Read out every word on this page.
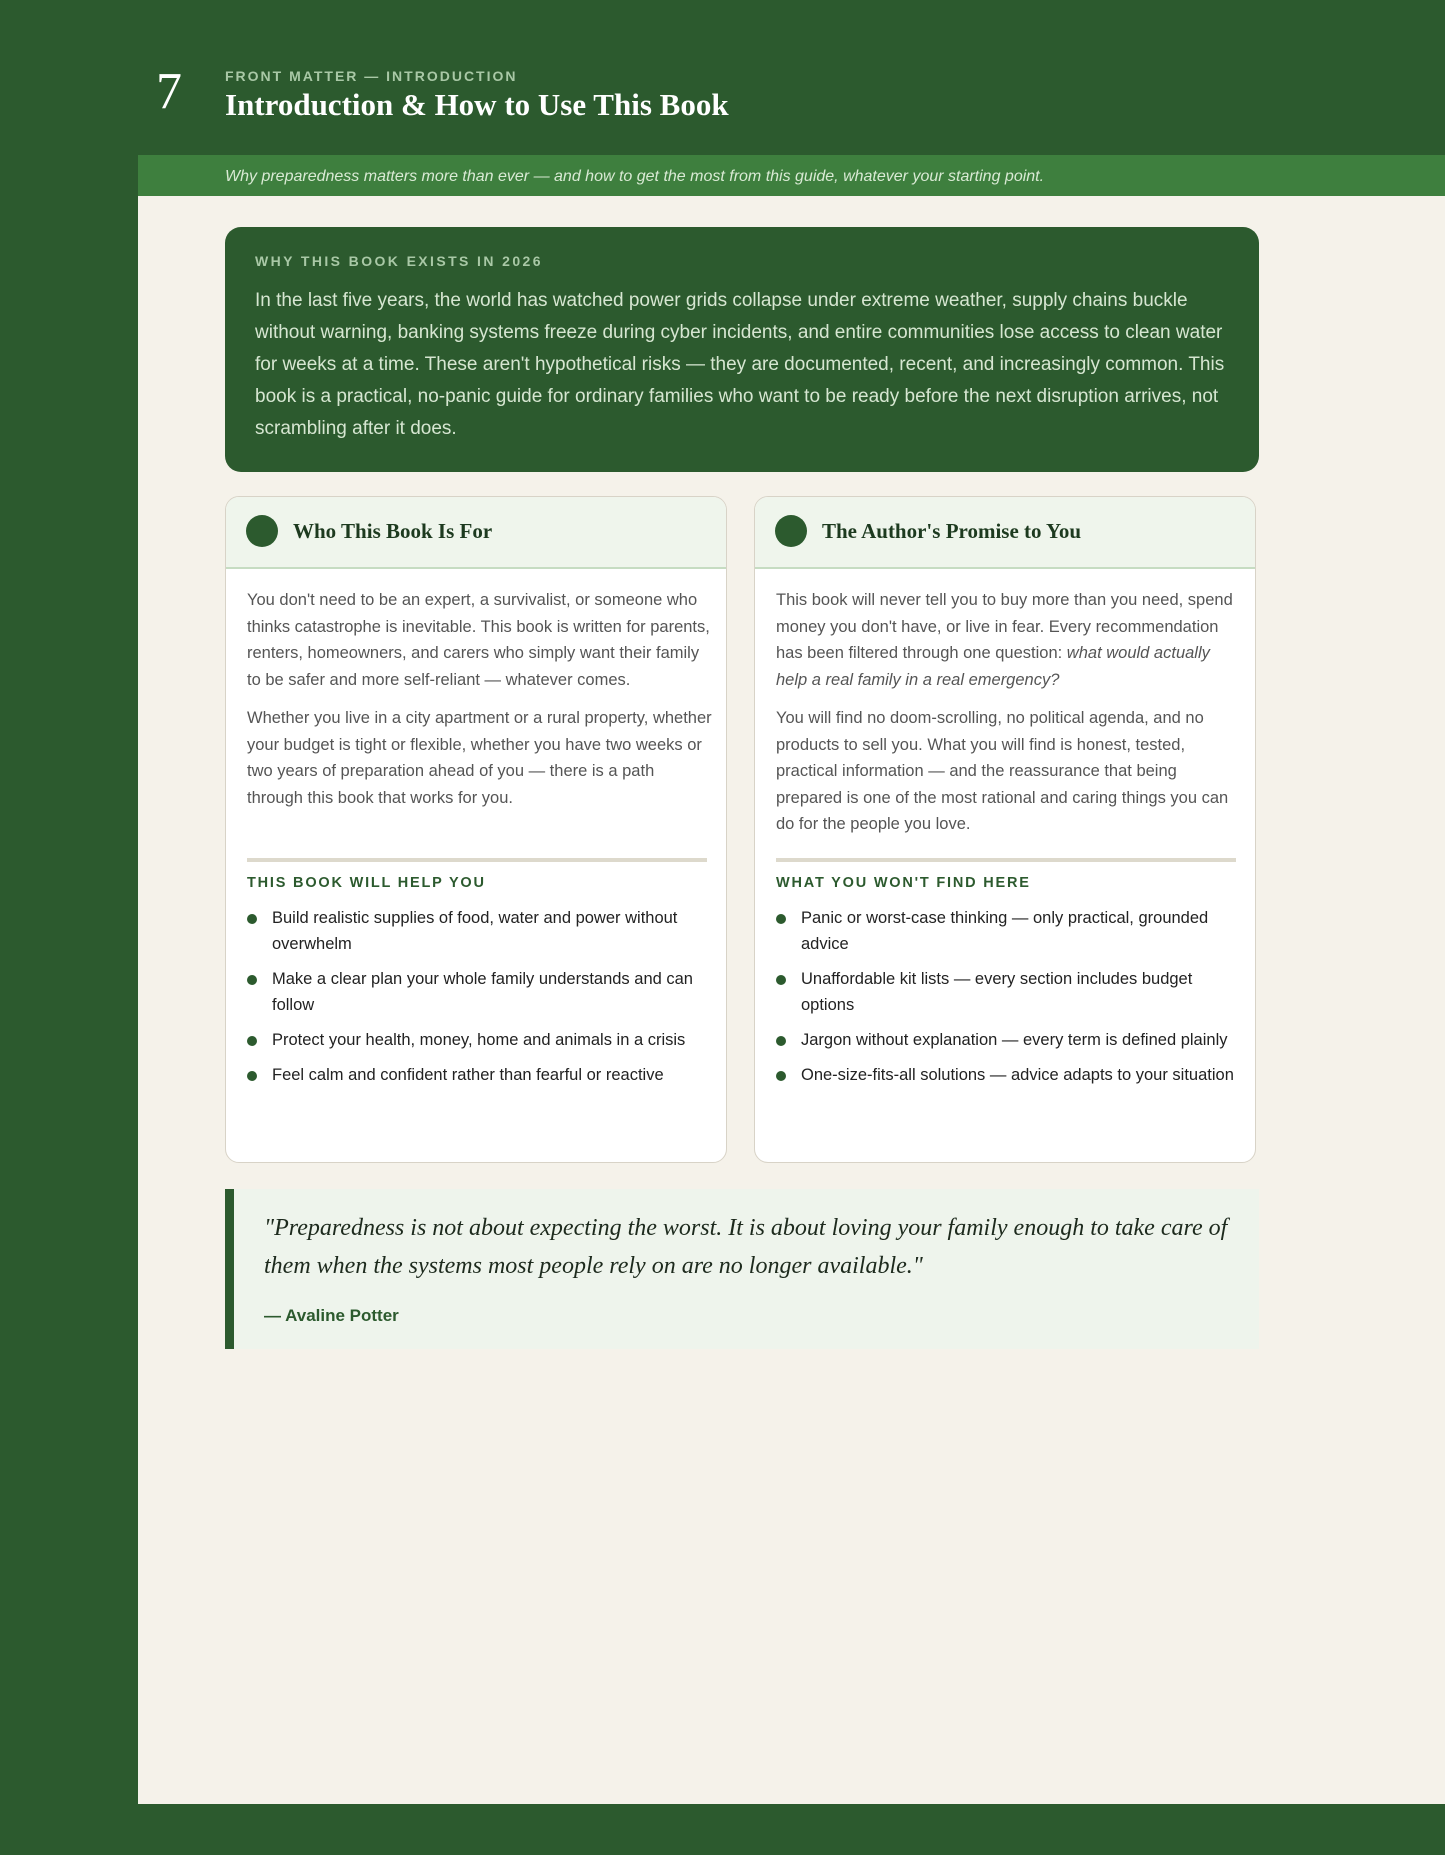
7	FRONT MATTER — INTRODUCTION
Introduction & How to Use This Book
Why preparedness matters more than ever — and how to get the most from this guide, whatever your starting point.
WHY THIS BOOK EXISTS IN 2026

In the last five years, the world has watched power grids collapse under extreme weather, supply chains buckle without warning, banking systems freeze during cyber incidents, and entire communities lose access to clean water for weeks at a time. These aren't hypothetical risks — they are documented, recent, and increasingly common. This book is a practical, no-panic guide for ordinary families who want to be ready before the next disruption arrives, not scrambling after it does.

Who This Book Is For

You don't need to be an expert, a survivalist, or someone who thinks catastrophe is inevitable. This book is written for parents, renters, homeowners, and carers who simply want their family to be safer and more self-reliant — whatever comes.

Whether you live in a city apartment or a rural property, whether your budget is tight or flexible, whether you have two weeks or two years of preparation ahead of you — there is a path through this book that works for you.

THIS BOOK WILL HELP YOU
Build realistic supplies of food, water and power without overwhelm
Make a clear plan your whole family understands and can follow
Protect your health, money, home and animals in a crisis
Feel calm and confident rather than fearful or reactive
The Author's Promise to You

This book will never tell you to buy more than you need, spend money you don't have, or live in fear. Every recommendation has been filtered through one question: what would actually help a real family in a real emergency?

You will find no doom-scrolling, no political agenda, and no products to sell you. What you will find is honest, tested, practical information — and the reassurance that being prepared is one of the most rational and caring things you can do for the people you love.

WHAT YOU WON'T FIND HERE
Panic or worst-case thinking — only practical, grounded advice
Unaffordable kit lists — every section includes budget options
Jargon without explanation — every term is defined plainly
One-size-fits-all solutions — advice adapts to your situation

"Preparedness is not about expecting the worst. It is about loving your family enough to take care of them when the systems most people rely on are no longer available."

— Avaline Potter
